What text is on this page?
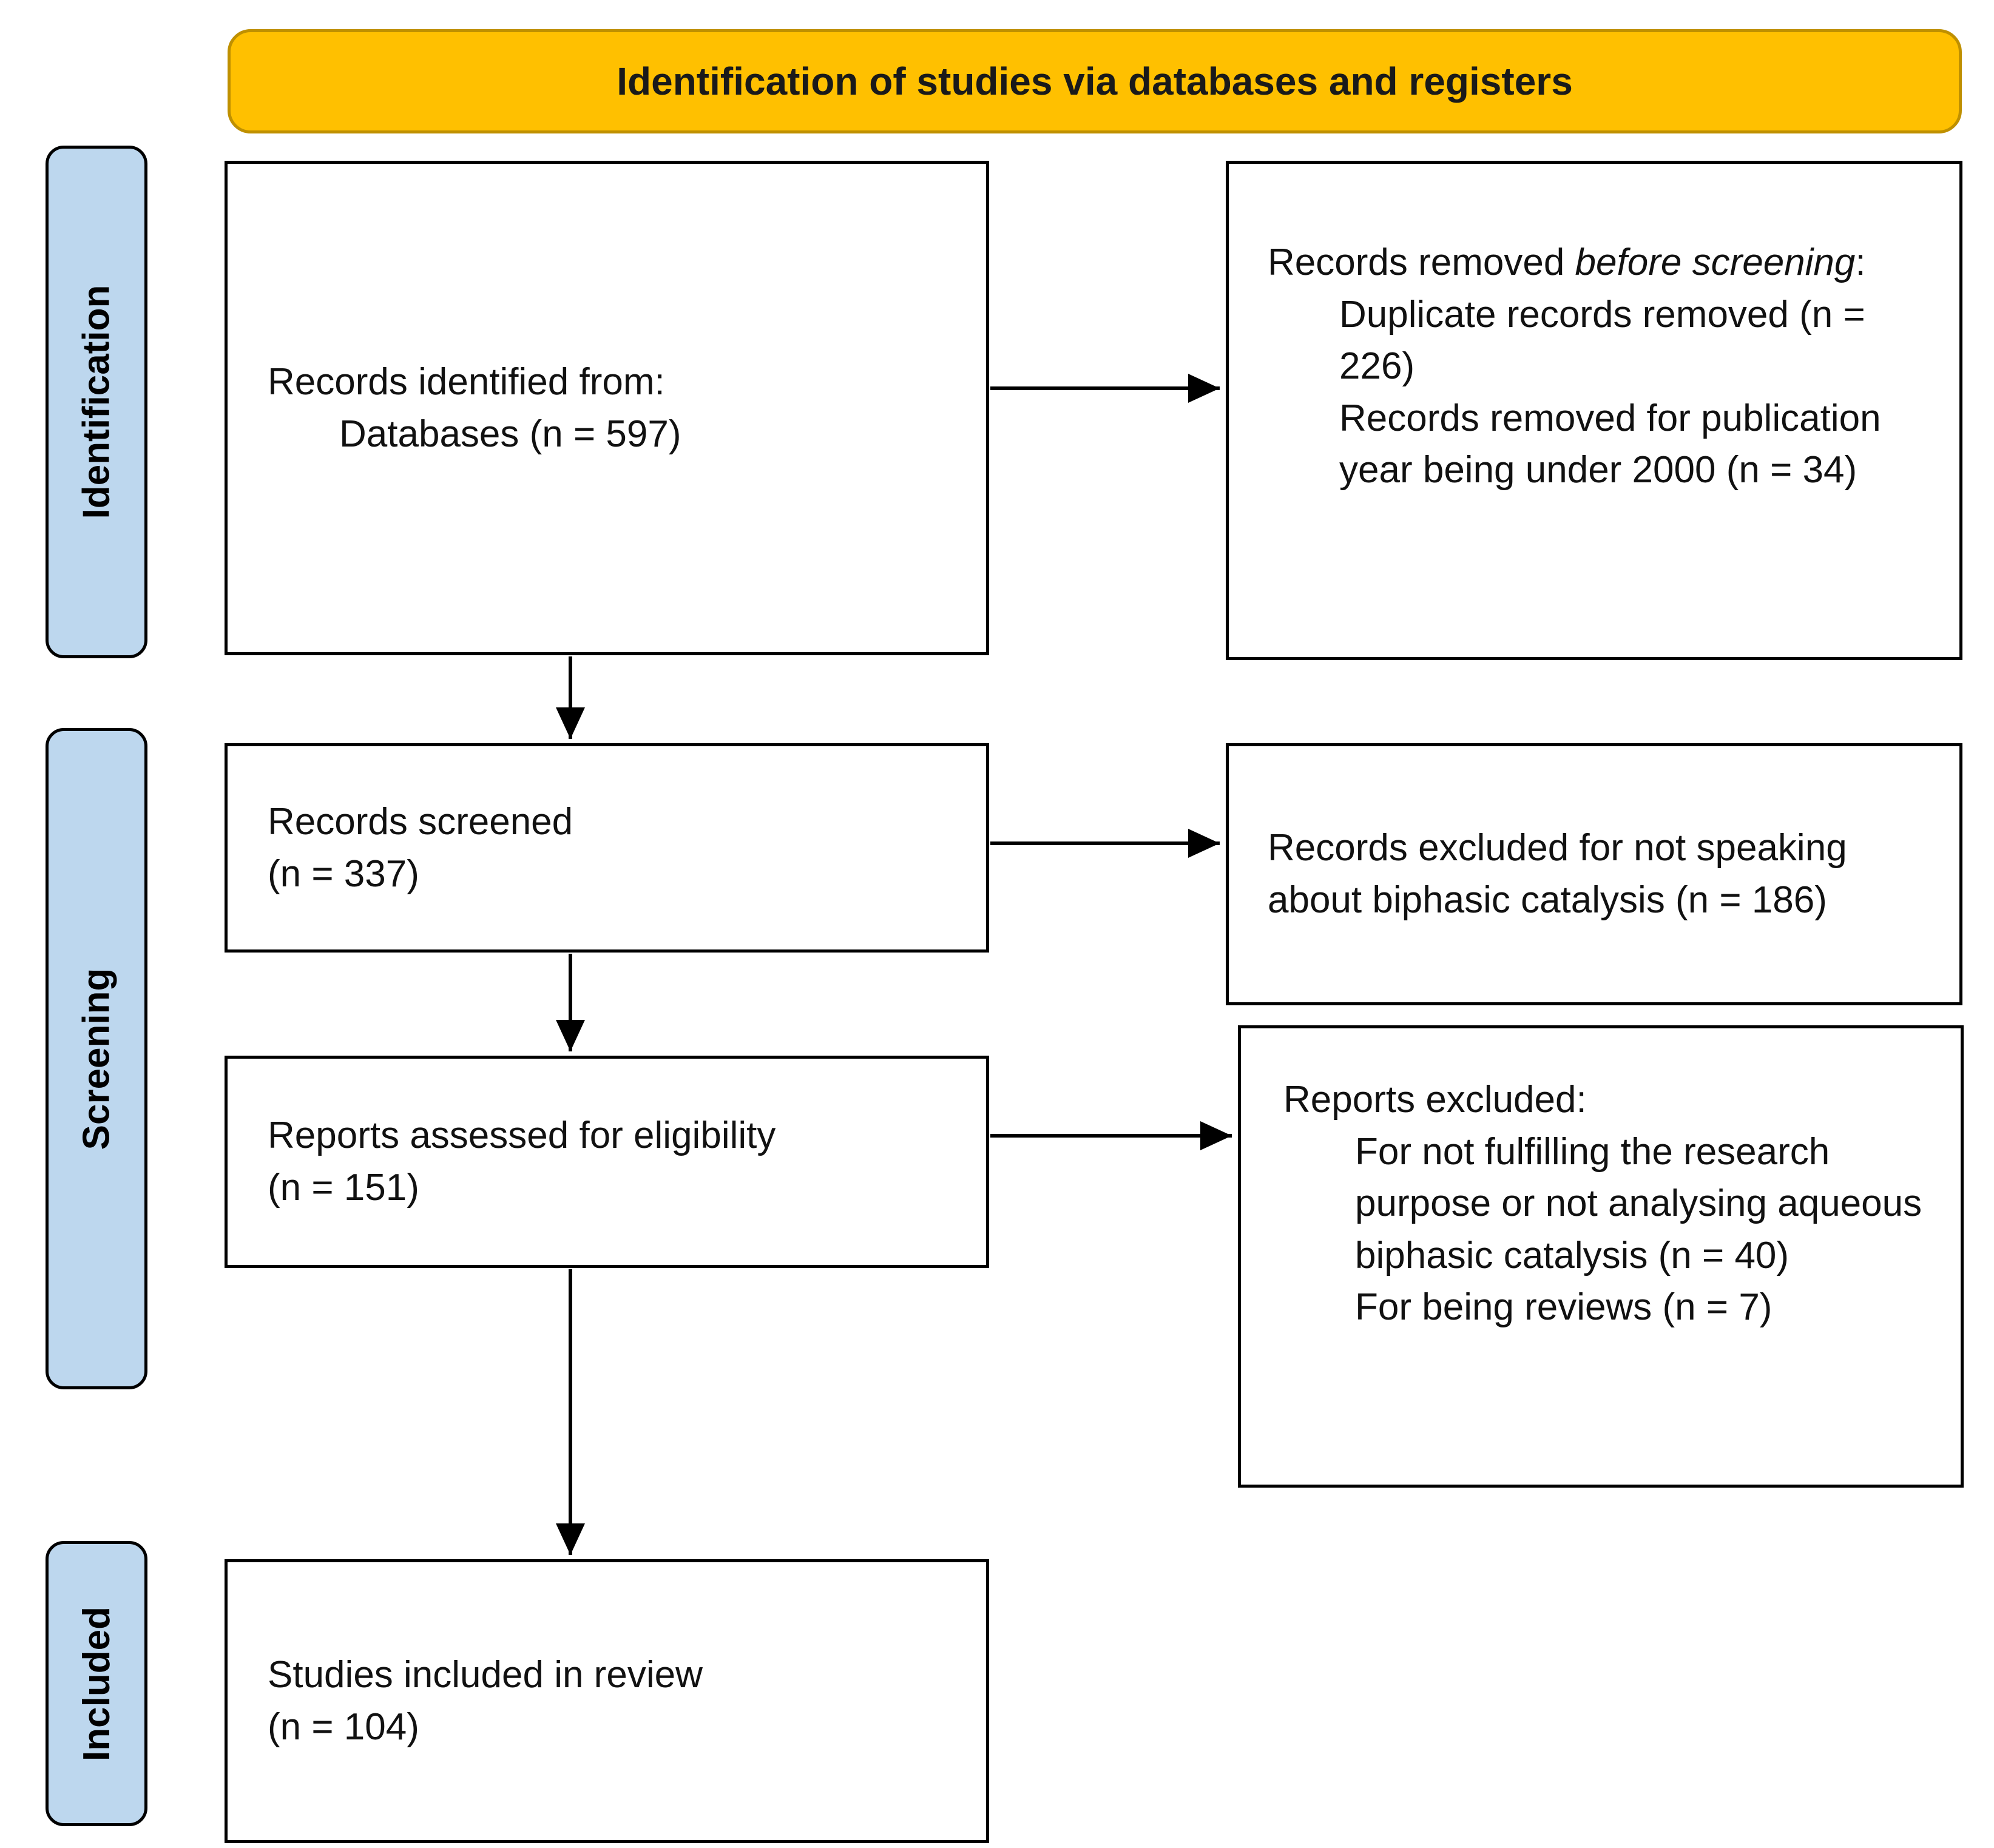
Identification of studies via databases and registers
Identification
Screening
Included
Records identified from:
Databases (n = 597)
Records removed before screening:
Duplicate records removed (n = 226)
Records removed for publication year being under 2000 (n = 34)
Records screened
(n = 337)
Records excluded for not speaking about biphasic catalysis (n = 186)
Reports assessed for eligibility
(n = 151)
Reports excluded:
For not fulfilling the research purpose or not analysing aqueous biphasic catalysis (n = 40)
For being reviews (n = 7)
Studies included in review
(n = 104)
